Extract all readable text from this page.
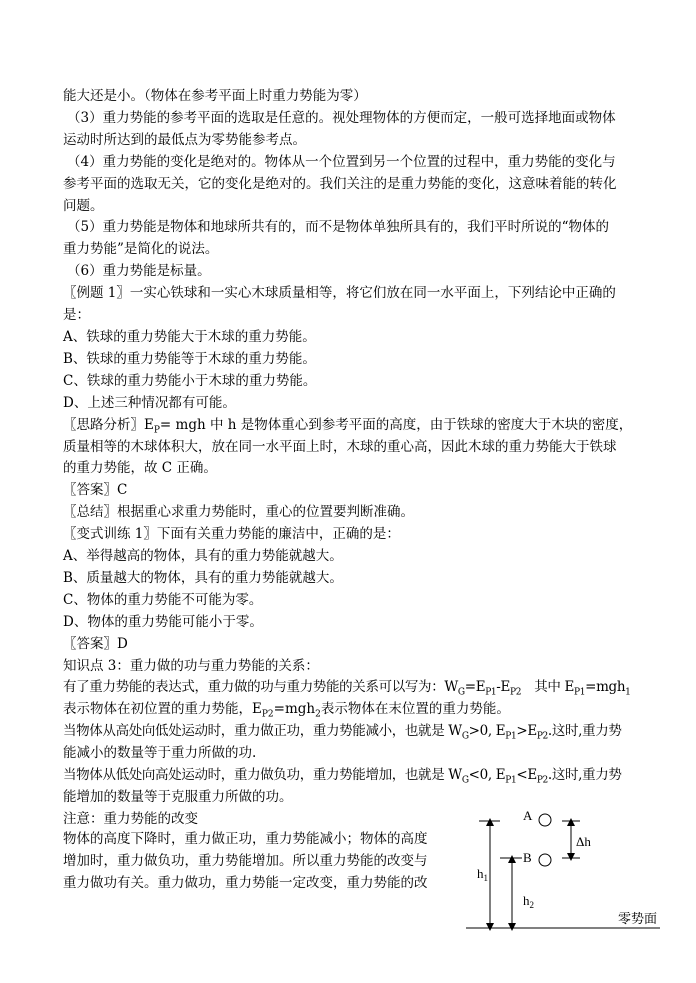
能大还是小。（物体在参考平面上时重力势能为零）
（3）重力势能的参考平面的选取是任意的。视处理物体的方便而定，一般可选择地面或物体
运动时所达到的最低点为零势能参考点。
（4）重力势能的变化是绝对的。物体从一个位置到另一个位置的过程中，重力势能的变化与
参考平面的选取无关，它的变化是绝对的。我们关注的是重力势能的变化，这意味着能的转化
问题。
（5）重力势能是物体和地球所共有的，而不是物体单独所具有的，我们平时所说的“物体的
重力势能”是简化的说法。
（6）重力势能是标量。
〖例题 1〗一实心铁球和一实心木球质量相等，将它们放在同一水平面上，下列结论中正确的
是：
A、铁球的重力势能大于木球的重力势能。
B、铁球的重力势能等于木球的重力势能。
C、铁球的重力势能小于木球的重力势能。
D、上述三种情况都有可能。
〖思路分析〗$E_P=$ mgh 中 h 是物体重心到参考平面的高度，由于铁球的密度大于木块的密度，
质量相等的木球体积大，放在同一水平面上时，木球的重心高，因此木球的重力势能大于铁球
的重力势能，故 C 正确。
〖答案〗C
〖总结〗根据重心求重力势能时，重心的位置要判断准确。
〖变式训练 1〗下面有关重力势能的廉洁中，正确的是：
A、举得越高的物体，具有的重力势能就越大。
B、质量越大的物体，具有的重力势能就越大。
C、物体的重力势能不可能为零。
D、物体的重力势能可能小于零。
〖答案〗D
知识点 3：重力做的功与重力势能的关系：
有了重力势能的表达式，重力做的功与重力势能的关系可以写为：$W_G=E_{P1}-E_{P2}$　其中 $E_{P1}=mgh_1$
表示物体在初位置的重力势能，$E_{P2}=mgh_2$表示物体在末位置的重力势能。
当物体从高处向低处运动时，重力做正功，重力势能减小，也就是 $W_G>0$, $E_{P1}>E_{P2}$.这时,重力势
能减小的数量等于重力所做的功.
当物体从低处向高处运动时，重力做负功，重力势能增加，也就是 $W_G<0$, $E_{P1}<E_{P2}$.这时,重力势
能增加的数量等于克服重力所做的功。
注意：重力势能的改变
物体的高度下降时，重力做正功，重力势能减小；物体的高度
增加时，重力做负功，重力势能增加。所以重力势能的改变与
重力做功有关。重力做功，重力势能一定改变，重力势能的改
$h_1$
$h_2$
A
B
Δh
零势面
